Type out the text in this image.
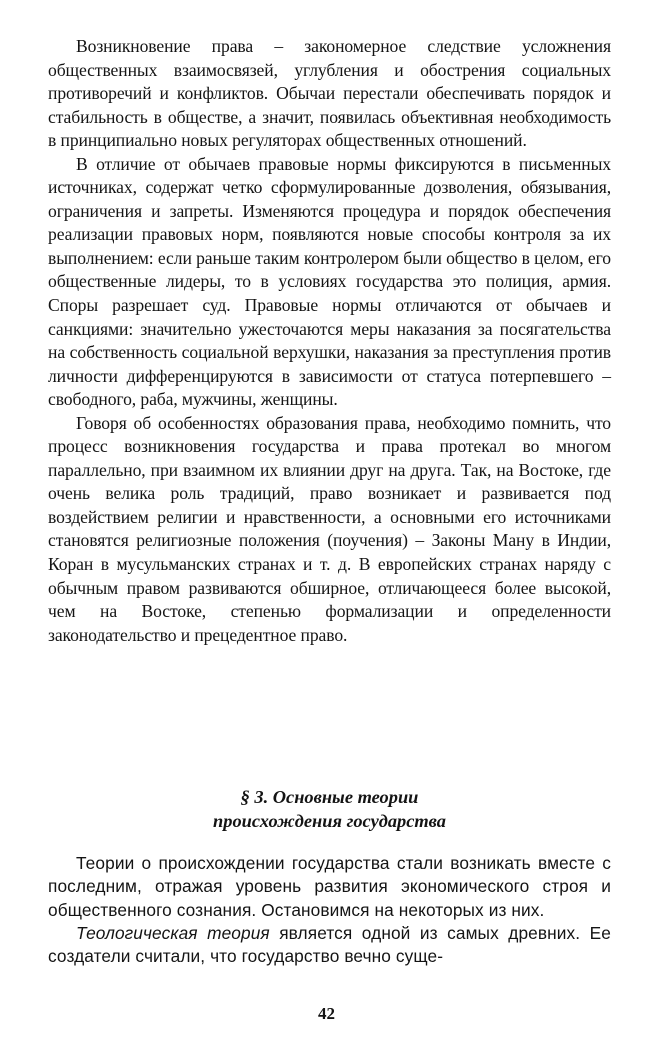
Возникновение права – закономерное следствие усложнения общественных взаимосвязей, углубления и обострения социальных противоречий и конфликтов. Обычаи перестали обеспечивать порядок и стабильность в обществе, а значит, появилась объективная необходимость в принципиально новых регуляторах общественных отношений.

В отличие от обычаев правовые нормы фиксируются в письменных источниках, содержат четко сформулированные дозволения, обязывания, ограничения и запреты. Изменяются процедура и порядок обеспечения реализации правовых норм, появляются новые способы контроля за их выполнением: если раньше таким контролером были общество в целом, его общественные лидеры, то в условиях государства это полиция, армия. Споры разрешает суд. Правовые нормы отличаются от обычаев и санкциями: значительно ужесточаются меры наказания за посягательства на собственность социальной верхушки, наказания за преступления против личности дифференцируются в зависимости от статуса потерпевшего – свободного, раба, мужчины, женщины.

Говоря об особенностях образования права, необходимо помнить, что процесс возникновения государства и права протекал во многом параллельно, при взаимном их влиянии друг на друга. Так, на Востоке, где очень велика роль традиций, право возникает и развивается под воздействием религии и нравственности, а основными его источниками становятся религиозные положения (поучения) – Законы Ману в Индии, Коран в мусульманских странах и т. д. В европейских странах наряду с обычным правом развиваются обширное, отличающееся более высокой, чем на Востоке, степенью формализации и определенности законодательство и прецедентное право.

§ 3. Основные теории
происхождения государства

Теории о происхождении государства стали возникать вместе с последним, отражая уровень развития экономического строя и общественного сознания. Остановимся на некоторых из них.

Теологическая теория является одной из самых древних. Ее создатели считали, что государство вечно суще-

42
